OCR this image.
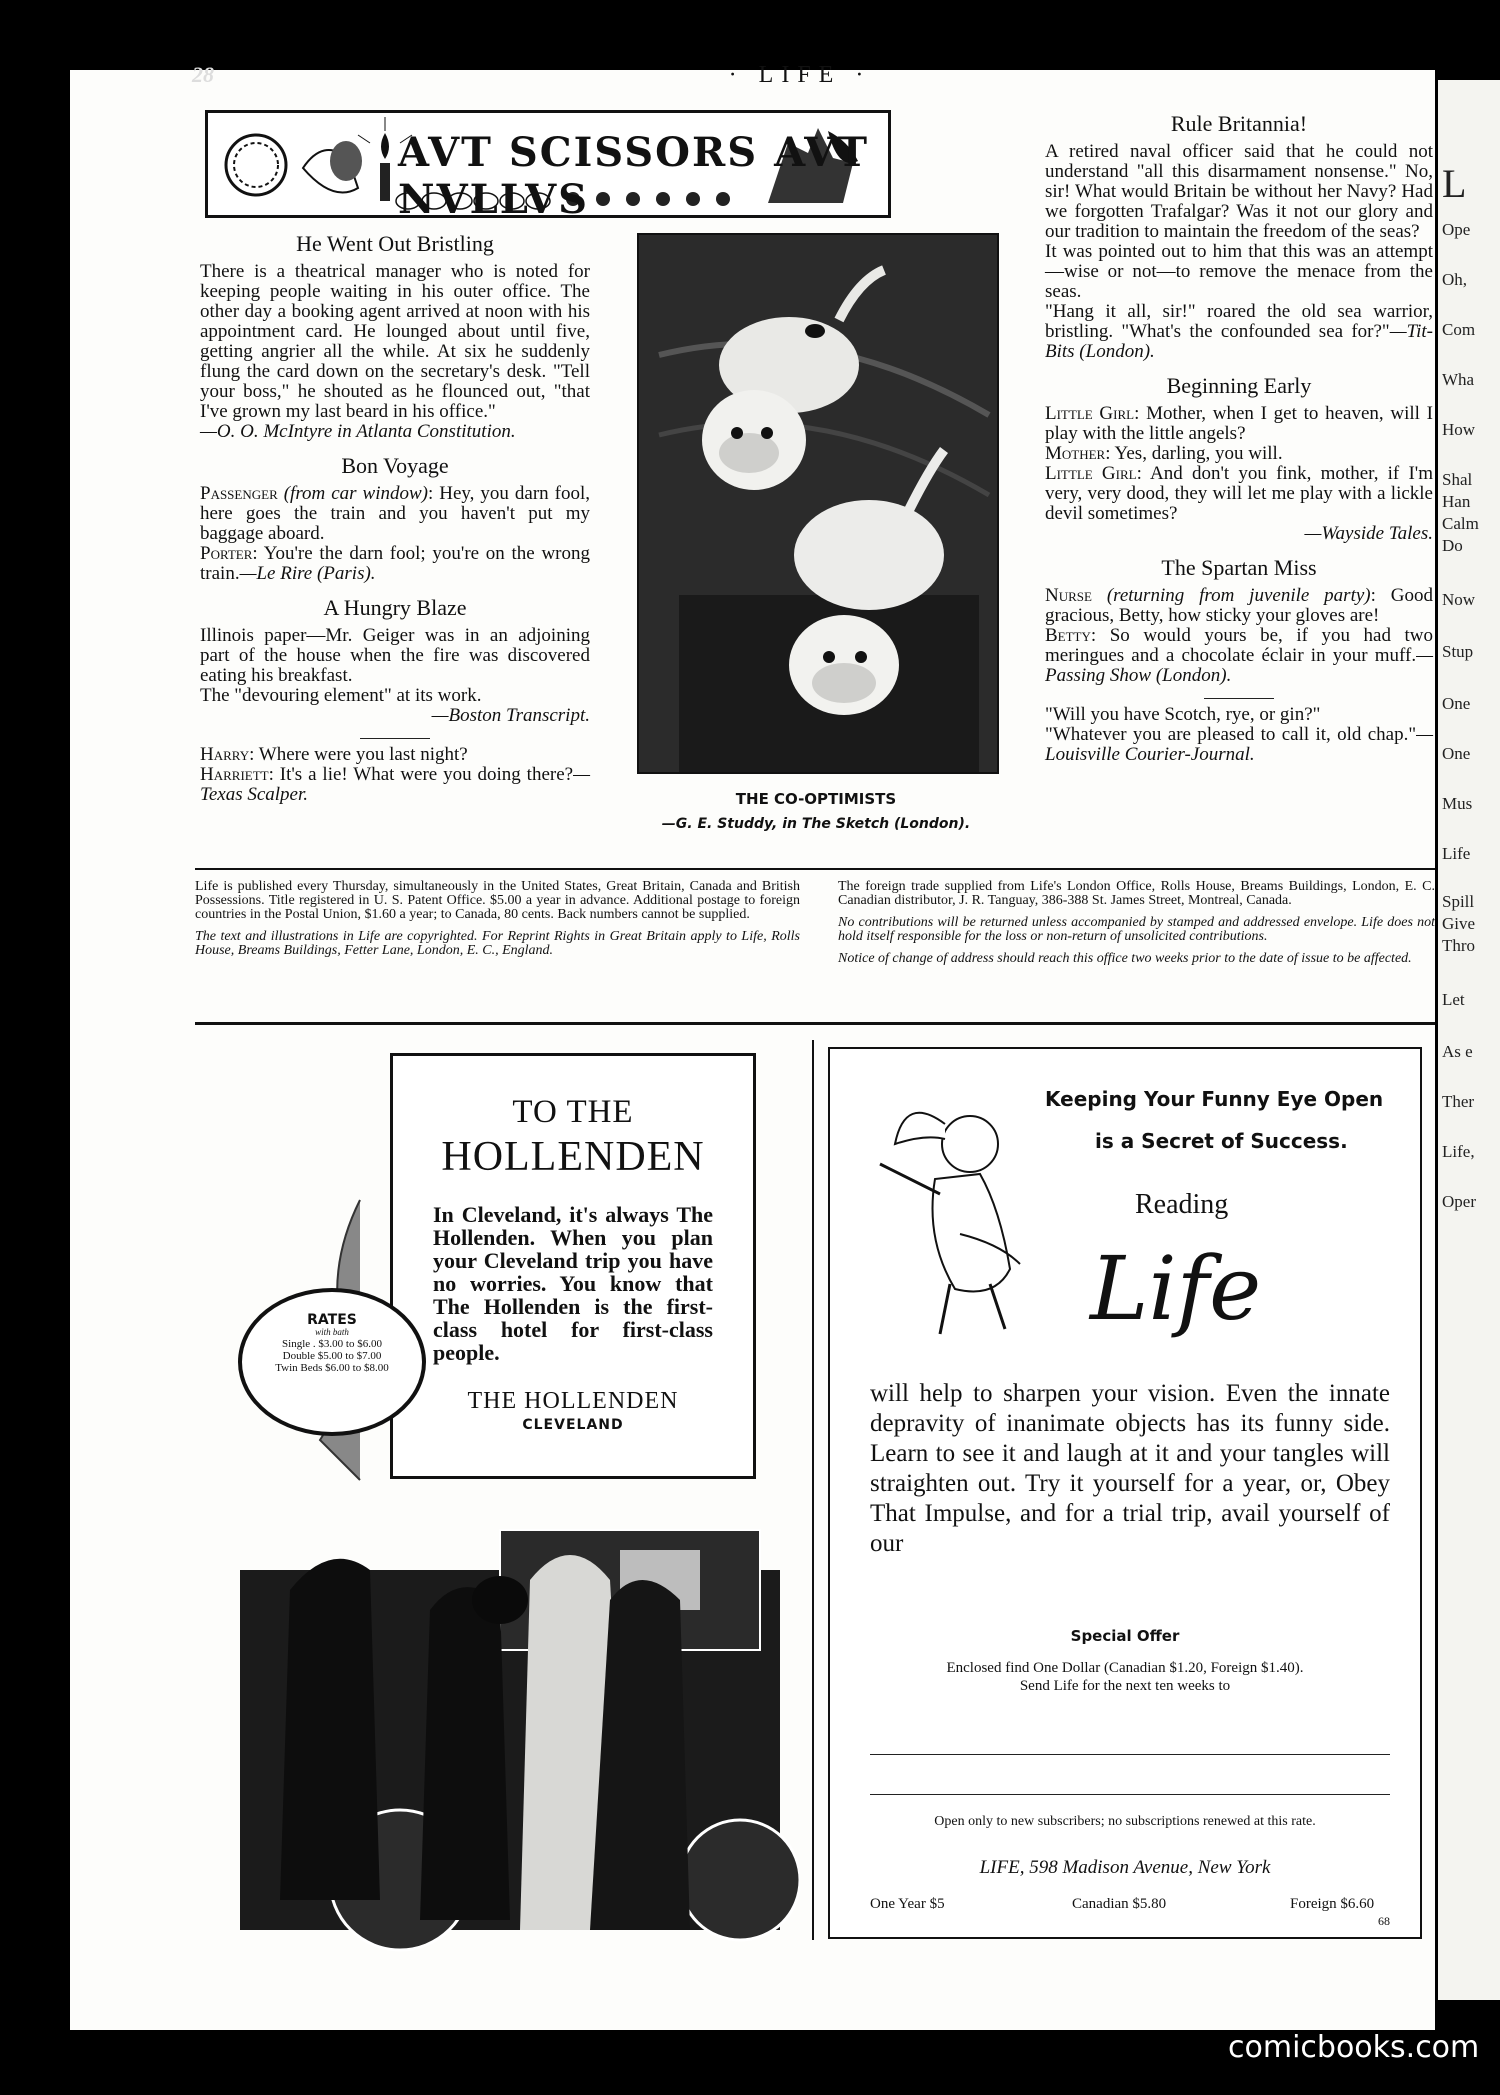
L
Ope
Oh,
Com
Wha
How
Shal
Han
Calm
Do
Now
Stup
One
One
Mus
Life
Spill
Give
Thro
Let
As e
Ther
Life,
Oper
28	· LIFE ·
AVT SCISSORS AVT NVLLVS
He Went Out Bristling

There is a theatrical manager who is noted for keeping people waiting in his outer office. The other day a booking agent arrived at noon with his appointment card. He lounged about until five, getting angrier all the while. At six he suddenly flung the card down on the secretary's desk. "Tell your boss," he shouted as he flounced out, "that I've grown my last beard in his office."

—O. O. McIntyre in Atlanta Constitution.

Bon Voyage

Passenger (from car window): Hey, you darn fool, here goes the train and you haven't put my baggage aboard.

Porter: You're the darn fool; you're on the wrong train.—Le Rire (Paris).

A Hungry Blaze

Illinois paper—Mr. Geiger was in an adjoining part of the house when the fire was discovered eating his breakfast.

The "devouring element" at its work.

—Boston Transcript.

Harry: Where were you last night?

Harriett: It's a lie! What were you doing there?—Texas Scalper.	THE CO-OPTIMISTS
—G. E. Studdy, in The Sketch (London).
Rule Britannia!

A retired naval officer said that he could not understand "all this disarmament nonsense." No, sir! What would Britain be without her Navy? Had we forgotten Trafalgar? Was it not our glory and our tradition to maintain the freedom of the seas?

It was pointed out to him that this was an attempt—wise or not—to remove the menace from the seas.

"Hang it all, sir!" roared the old sea warrior, bristling. "What's the confounded sea for?"—Tit-Bits (London).

Beginning Early

Little Girl: Mother, when I get to heaven, will I play with the little angels?

Mother: Yes, darling, you will.

Little Girl: And don't you fink, mother, if I'm very, very dood, they will let me play with a lickle devil sometimes?

—Wayside Tales.

The Spartan Miss

Nurse (returning from juvenile party): Good gracious, Betty, how sticky your gloves are!

Betty: So would yours be, if you had two meringues and a chocolate éclair in your muff.—Passing Show (London).

"Will you have Scotch, rye, or gin?"

"Whatever you are pleased to call it, old chap."—Louisville Courier-Journal.

Life is published every Thursday, simultaneously in the United States, Great Britain, Canada and British Possessions. Title registered in U. S. Patent Office. $5.00 a year in advance. Additional postage to foreign countries in the Postal Union, $1.60 a year; to Canada, 80 cents. Back numbers cannot be supplied.

The text and illustrations in Life are copyrighted. For Reprint Rights in Great Britain apply to Life, Rolls House, Breams Buildings, Fetter Lane, London, E. C., England.

The foreign trade supplied from Life's London Office, Rolls House, Breams Buildings, London, E. C. Canadian distributor, J. R. Tanguay, 386-388 St. James Street, Montreal, Canada.

No contributions will be returned unless accompanied by stamped and addressed envelope. Life does not hold itself responsible for the loss or non-return of unsolicited contributions.

Notice of change of address should reach this office two weeks prior to the date of issue to be affected.

TO THE
HOLLENDEN
In Cleveland, it's always The Hollenden. When you plan your Cleveland trip you have no worries. You know that The Hollenden is the first-class hotel for first-class people.
THE HOLLENDEN
CLEVELAND
RATES
with bath
Single . $3.00 to $6.00
Double $5.00 to $7.00
Twin Beds $6.00 to $8.00
Keeping Your Funny Eye Open
is a Secret of Success.
Reading
Life
will help to sharpen your vision. Even the innate depravity of inanimate objects has its funny side. Learn to see it and laugh at it and your tangles will straighten out. Try it yourself for a year, or, Obey That Impulse, and for a trial trip, avail yourself of our
Special Offer
Enclosed find One Dollar (Canadian $1.20, Foreign $1.40).
Send Life for the next ten weeks to
Open only to new subscribers; no subscriptions renewed at this rate.
LIFE, 598 Madison Avenue, New York
One Year $5	Canadian $5.80	Foreign $6.60
68
comicbooks.com
